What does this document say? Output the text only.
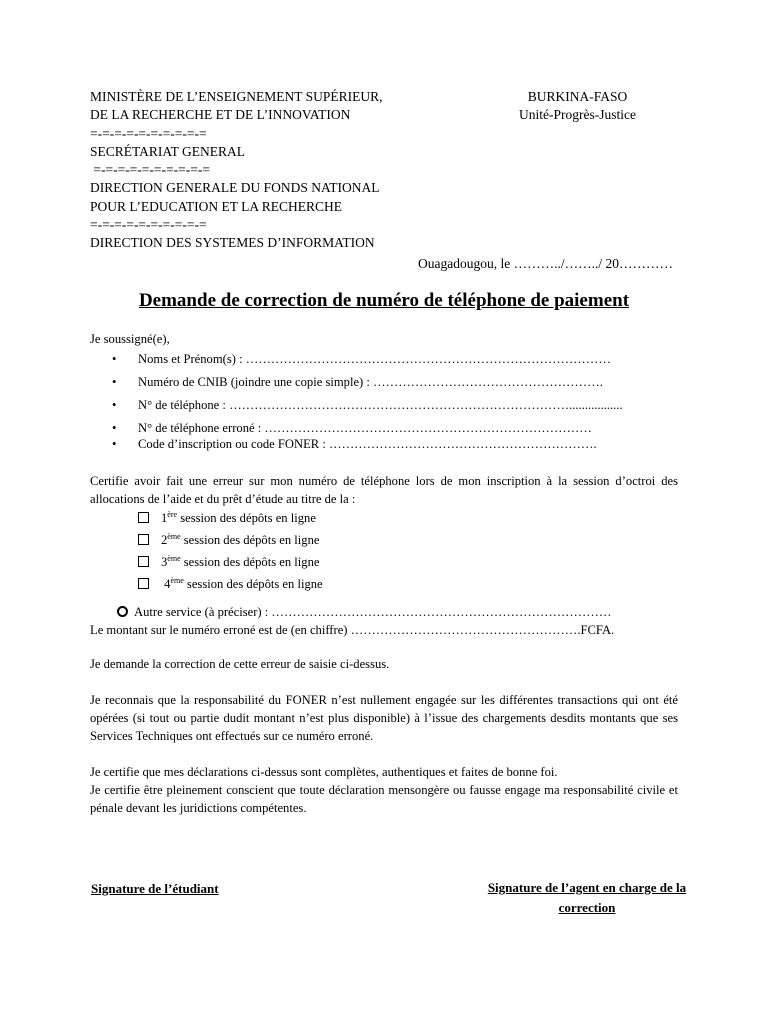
MINISTÈRE DE L’ENSEIGNEMENT SUPÉRIEUR,
DE LA RECHERCHE ET DE L’INNOVATION
=-=-=-=-=-=-=-=-=-=
SECRÉTARIAT GENERAL
=-=-=-=-=-=-=-=-=-=
DIRECTION GENERALE DU FONDS NATIONAL
POUR L’EDUCATION ET LA RECHERCHE
=-=-=-=-=-=-=-=-=-=
DIRECTION DES SYSTEMES D’INFORMATION
BURKINA-FASO
Unité-Progrès-Justice
Ouagadougou, le ………../……../ 20…………
Demande de correction de numéro de téléphone de paiement
Je soussigné(e),
• Noms et Prénom(s) : ……………………………………………………………………………
• Numéro de CNIB (joindre une copie simple) : ……………………………………………….
• N° de téléphone : ……………………………………………………………………….................
• N° de téléphone erroné : ……………………………………………………………………
• Code d’inscription ou code FONER : ……………………………………………………….
Certifie avoir fait une erreur sur mon numéro de téléphone lors de mon inscription à la session d’octroi des allocations de l’aide et du prêt d’étude au titre de la :
1ère session des dépôts en ligne
2ème session des dépôts en ligne
3ème session des dépôts en ligne
4ème session des dépôts en ligne
Autre service (à préciser) : ………………………………………………………………………
Le montant sur le numéro erroné est de (en chiffre) ……………………………………………….FCFA.
Je demande la correction de cette erreur de saisie ci-dessus.
Je reconnais que la responsabilité du FONER n’est nullement engagée sur les différentes transactions qui ont été opérées (si tout ou partie dudit montant n’est plus disponible) à l’issue des chargements desdits montants que ses Services Techniques ont effectués sur ce numéro erroné.
Je certifie que mes déclarations ci-dessus sont complètes, authentiques et faites de bonne foi.
Je certifie être pleinement conscient que toute déclaration mensongère ou fausse engage ma responsabilité civile et pénale devant les juridictions compétentes.
Signature de l’étudiant	Signature de l’agent en charge de la correction
